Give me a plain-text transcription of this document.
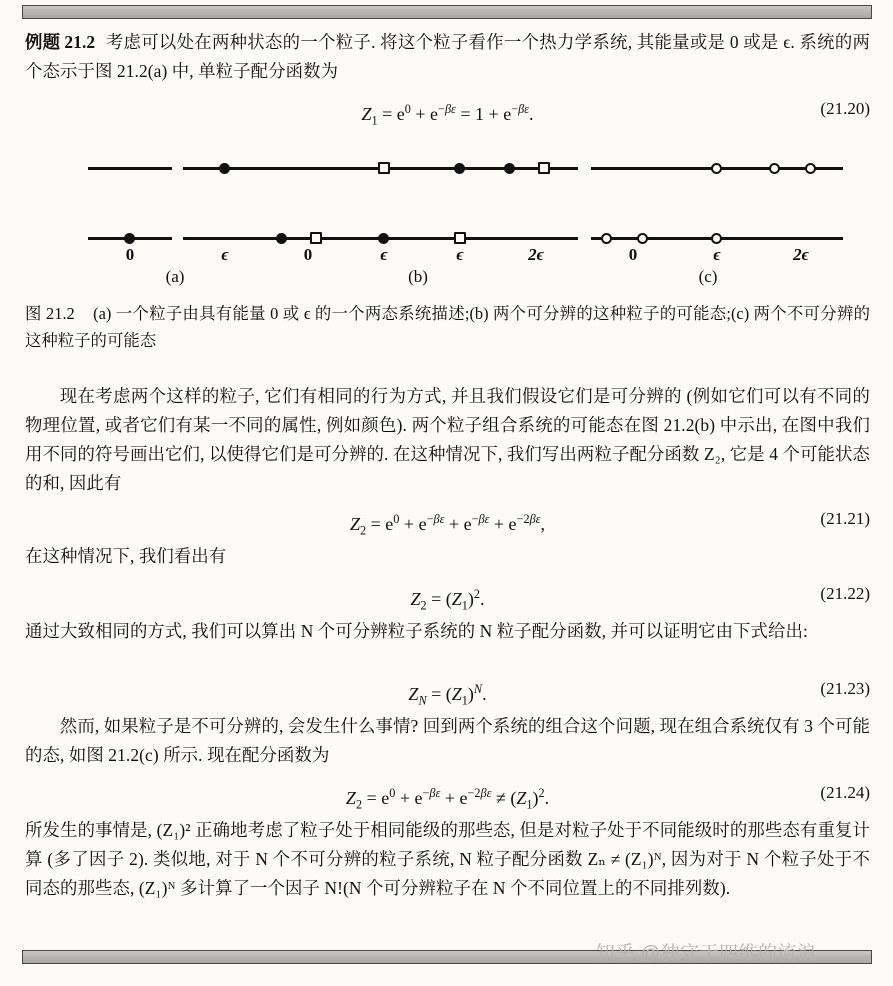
例题 21.2 考虑可以处在两种状态的一个粒子. 将这个粒子看作一个热力学系统, 其能量或是 0 或是 ϵ. 系统的两个态示于图 21.2(a) 中, 单粒子配分函数为

$Z_1 = e^0 + e^{-\beta\varepsilon} = 1 + e^{-\beta\varepsilon}$.	(21.20)
0	ϵ
(a)
0	ϵ	ϵ	2ϵ
(b)
0	ϵ	2ϵ
(c)
图 21.2 (a) 一个粒子由具有能量 0 或 ϵ 的一个两态系统描述;(b) 两个可分辨的这种粒子的可能态;(c) 两个不可分辨的这种粒子的可能态

现在考虑两个这样的粒子, 它们有相同的行为方式, 并且我们假设它们是可分辨的 (例如它们可以有不同的物理位置, 或者它们有某一不同的属性, 例如颜色). 两个粒子组合系统的可能态在图 21.2(b) 中示出, 在图中我们用不同的符号画出它们, 以使得它们是可分辨的. 在这种情况下, 我们写出两粒子配分函数 Z₂, 它是 4 个可能状态的和, 因此有

$Z_2 = e^0 + e^{-\beta\varepsilon} + e^{-\beta\varepsilon} + e^{-2\beta\varepsilon}$,	(21.21)

在这种情况下, 我们看出有

$Z_2 = (Z_1)^2$.	(21.22)

通过大致相同的方式, 我们可以算出 N 个可分辨粒子系统的 N 粒子配分函数, 并可以证明它由下式给出:

$Z_N = (Z_1)^N$.	(21.23)

然而, 如果粒子是不可分辨的, 会发生什么事情? 回到两个系统的组合这个问题, 现在组合系统仅有 3 个可能的态, 如图 21.2(c) 所示. 现在配分函数为

$Z_2 = e^0 + e^{-\beta\varepsilon} + e^{-2\beta\varepsilon} \ne (Z_1)^2$.	(21.24)

所发生的事情是, (Z₁)² 正确地考虑了粒子处于相同能级的那些态, 但是对粒子处于不同能级时的那些态有重复计算 (多了因子 2). 类似地, 对于 N 个不可分辨的粒子系统, N 粒子配分函数 Zₙ ≠ (Z₁)ᴺ, 因为对于 N 个粒子处于不同态的那些态, (Z₁)ᴺ 多计算了一个因子 N!(N 个可分辨粒子在 N 个不同位置上的不同排列数).

知乎 @独守于四维的流浪...
